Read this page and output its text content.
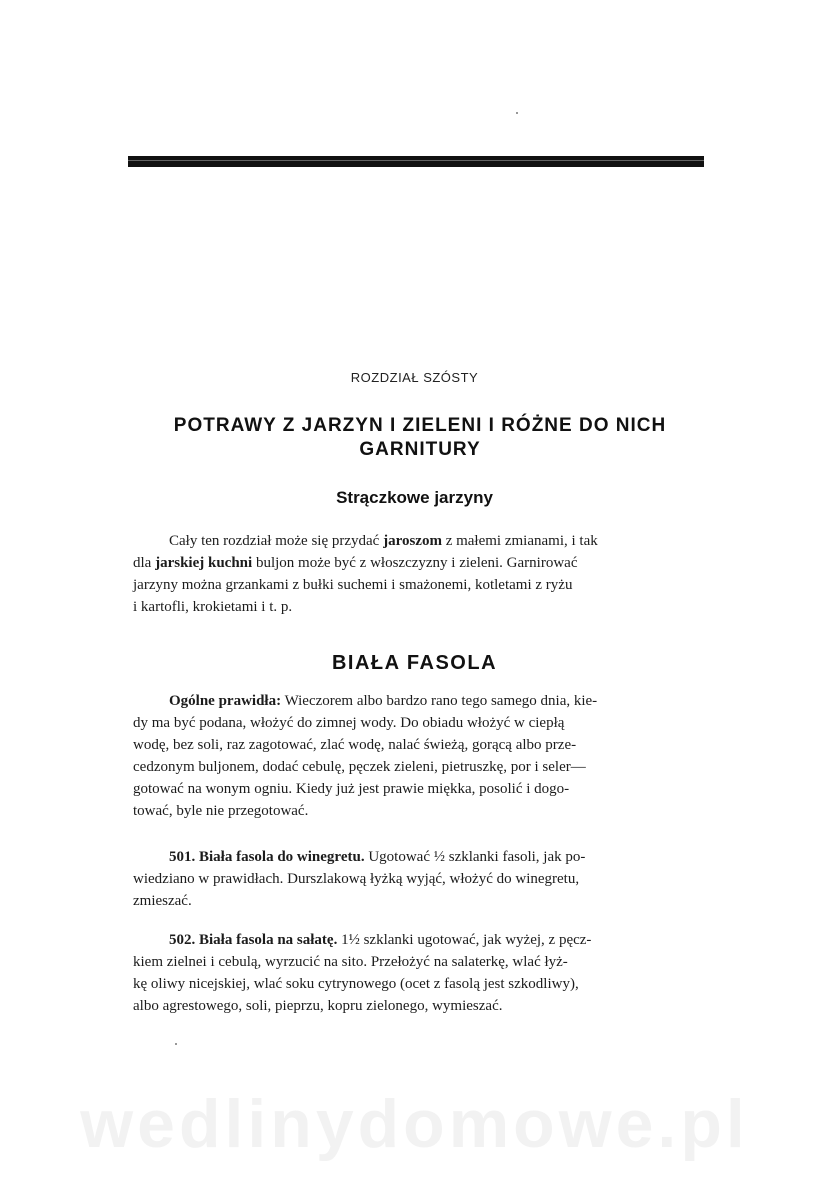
ROZDZIAŁ SZÓSTY
POTRAWY Z JARZYN I ZIELENI I RÓŻNE DO NICH
GARNITURY
Strączkowe jarzyny
Cały ten rozdział może się przydać jaroszom z małemi zmianami, i tak
dla jarskiej kuchni buljon może być z włoszczyzny i zieleni. Garnirować
jarzyny można grzankami z bułki suchemi i smażonemi, kotletami z ryżu
i kartofli, krokietami i t. p.
BIAŁA FASOLA
Ogólne prawidła: Wieczorem albo bardzo rano tego samego dnia, kie-
dy ma być podana, włożyć do zimnej wody. Do obiadu włożyć w ciepłą
wodę, bez soli, raz zagotować, zlać wodę, nalać świeżą, gorącą albo prze-
cedzonym buljonem, dodać cebulę, pęczek zieleni, pietruszkę, por i seler—
gotować na wonym ogniu. Kiedy już jest prawie miękka, posolić i dogo-
tować, byle nie przegotować.
501. Biała fasola do winegretu. Ugotować ½ szklanki fasoli, jak po-
wiedziano w prawidłach. Durszlakową łyżką wyjąć, włożyć do winegretu,
zmieszać.
502. Biała fasola na sałatę. 1½ szklanki ugotować, jak wyżej, z pęcz-
kiem zielnei i cebulą, wyrzucić na sito. Przełożyć na salaterkę, wlać łyż-
kę oliwy nicejskiej, wlać soku cytrynowego (ocet z fasolą jest szkodliwy),
albo agrestowego, soli, pieprzu, kopru zielonego, wymieszać.
wedlinydomowe.pl
